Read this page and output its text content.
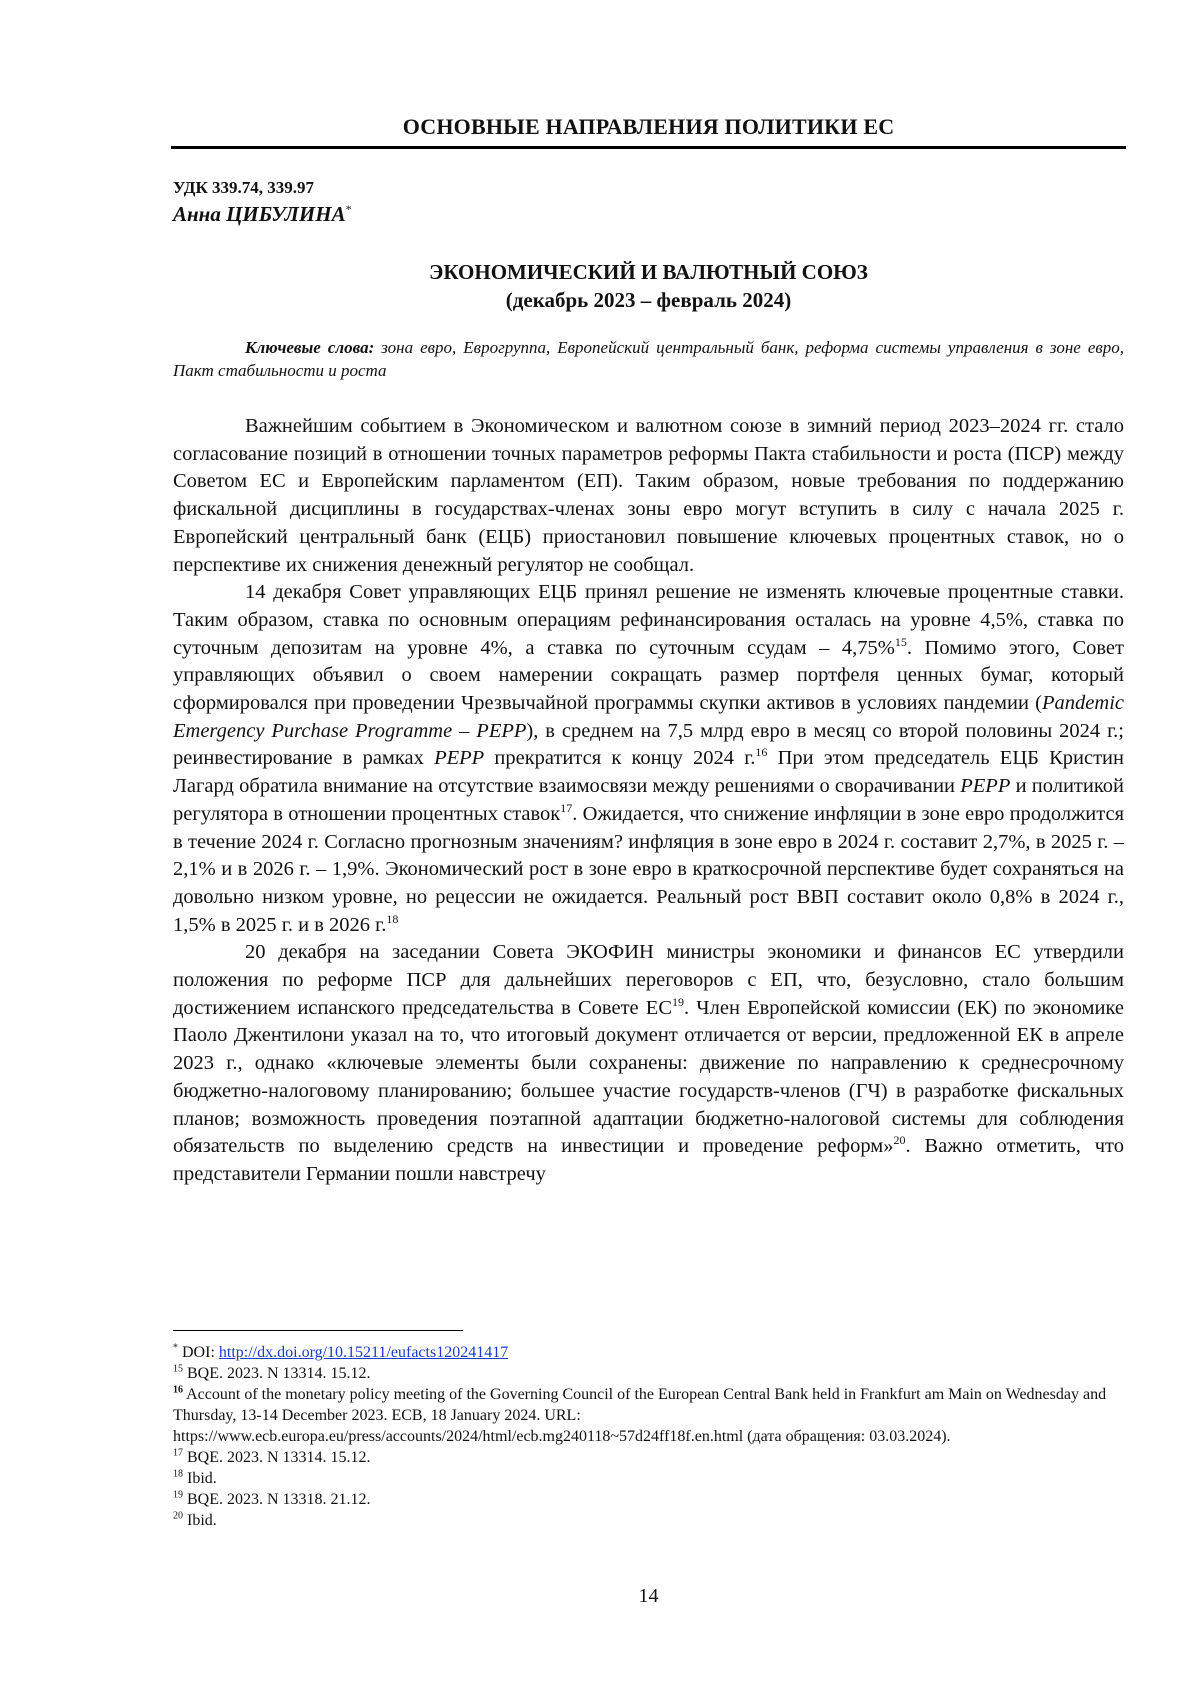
ОСНОВНЫЕ НАПРАВЛЕНИЯ ПОЛИТИКИ ЕС
УДК 339.74, 339.97
Анна ЦИБУЛИНА*
ЭКОНОМИЧЕСКИЙ И ВАЛЮТНЫЙ СОЮЗ
(декабрь 2023 – февраль 2024)
Ключевые слова: зона евро, Еврогруппа, Европейский центральный банк, реформа системы управления в зоне евро, Пакт стабильности и роста

Важнейшим событием в Экономическом и валютном союзе в зимний период 2023–2024 гг. стало согласование позиций в отношении точных параметров реформы Пакта стабильности и роста (ПСР) между Советом ЕС и Европейским парламентом (ЕП). Таким образом, новые требования по поддержанию фискальной дисциплины в государствах-членах зоны евро могут вступить в силу с начала 2025 г. Европейский центральный банк (ЕЦБ) приостановил повышение ключевых процентных ставок, но о перспективе их снижения денежный регулятор не сообщал.

14 декабря Совет управляющих ЕЦБ принял решение не изменять ключевые процентные ставки. Таким образом, ставка по основным операциям рефинансирования осталась на уровне 4,5%, ставка по суточным депозитам на уровне 4%, а ставка по суточным ссудам – 4,75%$^{15}$. Помимо этого, Совет управляющих объявил о своем намерении сокращать размер портфеля ценных бумаг, который сформировался при проведении Чрезвычайной программы скупки активов в условиях пандемии (Pandemic Emergency Purchase Programme – PEPP), в среднем на 7,5 млрд евро в месяц со второй половины 2024 г.; реинвестирование в рамках PEPP прекратится к концу 2024 г.$^{16}$ При этом председатель ЕЦБ Кристин Лагард обратила внимание на отсутствие взаимосвязи между решениями о сворачивании PEPP и политикой регулятора в отношении процентных ставок$^{17}$. Ожидается, что снижение инфляции в зоне евро продолжится в течение 2024 г. Согласно прогнозным значениям? инфляция в зоне евро в 2024 г. составит 2,7%, в 2025 г. – 2,1% и в 2026 г. – 1,9%. Экономический рост в зоне евро в краткосрочной перспективе будет сохраняться на довольно низком уровне, но рецессии не ожидается. Реальный рост ВВП составит около 0,8% в 2024 г., 1,5% в 2025 г. и в 2026 г.$^{18}$

20 декабря на заседании Совета ЭКОФИН министры экономики и финансов ЕС утвердили положения по реформе ПСР для дальнейших переговоров с ЕП, что, безусловно, стало большим достижением испанского председательства в Совете ЕС$^{19}$. Член Европейской комиссии (ЕК) по экономике Паоло Джентилони указал на то, что итоговый документ отличается от версии, предложенной ЕК в апреле 2023 г., однако «ключевые элементы были сохранены: движение по направлению к среднесрочному бюджетно-налоговому планированию; большее участие государств-членов (ГЧ) в разработке фискальных планов; возможность проведения поэтапной адаптации бюджетно-налоговой системы для соблюдения обязательств по выделению средств на инвестиции и проведение реформ»$^{20}$. Важно отметить, что представители Германии пошли навстречу

* DOI: http://dx.doi.org/10.15211/eufacts120241417
$^{15}$ BQE. 2023. N 13314. 15.12.
$^{16}$ Account of the monetary policy meeting of the Governing Council of the European Central Bank held in Frankfurt am Main on Wednesday and Thursday, 13-14 December 2023. ECB, 18 January 2024. URL: https://www.ecb.europa.eu/press/accounts/2024/html/ecb.mg240118~57d24ff18f.en.html (дата обращения: 03.03.2024).
$^{17}$ BQE. 2023. N 13314. 15.12.
$^{18}$ Ibid.
$^{19}$ BQE. 2023. N 13318. 21.12.
$^{20}$ Ibid.
14
